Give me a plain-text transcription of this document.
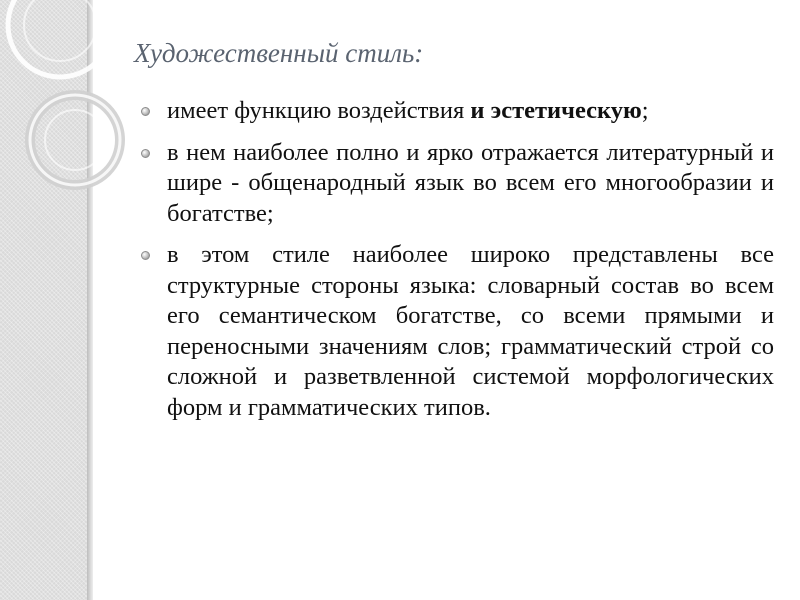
Художественный стиль:
имеет функцию воздействия и эстетическую;
в нем наиболее полно и ярко отражается литературный и шире - общенародный язык во всем его многообразии и богатстве;
в этом стиле наиболее широко представлены все структурные стороны языка: словарный состав во всем его семантическом богатстве, со всеми прямыми и переносными значениям слов; грамматический строй со сложной и разветвленной системой морфологических форм и грамматических типов.
